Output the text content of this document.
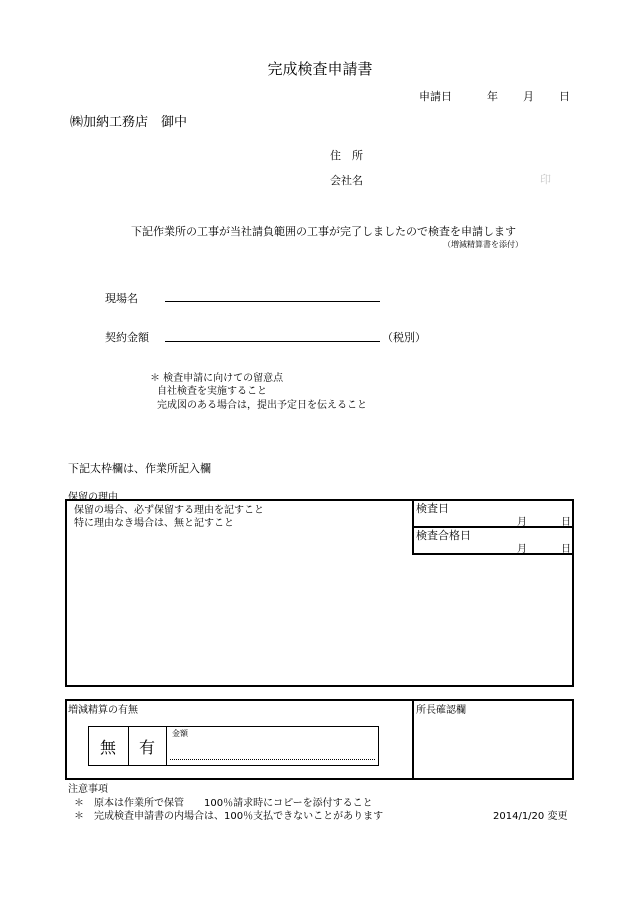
完成検査申請書
申請日	年 月 日
㈱加納工務店　御中
住　所
会社名	印
下記作業所の工事が当社請負範囲の工事が完了しましたので検査を申請します
（増減精算書を添付）
現場名
契約金額	（税別）
＊ 検査申請に向けての留意点
自社検査を実施すること
完成図のある場合は，提出予定日を伝えること
下記太枠欄は、作業所記入欄
保留の理由
保留の場合、必ず保留する理由を記すこと
特に理由なき場合は、無と記すこと
検査日
月	日
検査合格日
月	日
増減精算の有無	所長確認欄
無	有
金額
注意事項
＊　原本は作業所で保管　　100％請求時にコピーを添付すること
＊　完成検査申請書の内場合は、100％支払できないことがあります	2014/1/20 変更
